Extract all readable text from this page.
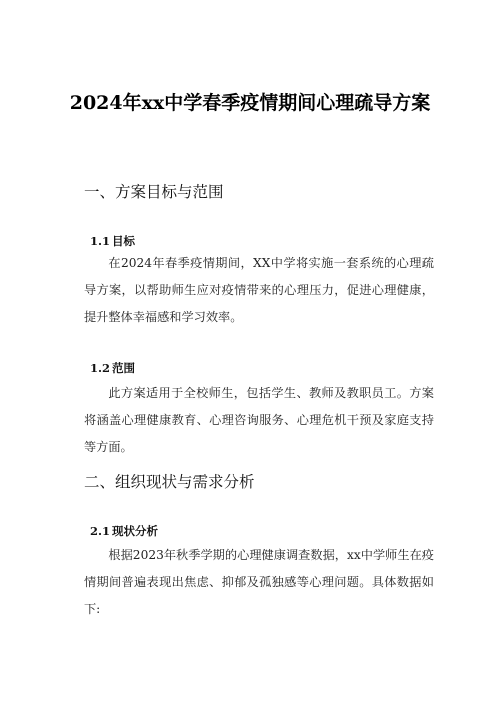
2024年xx中学春季疫情期间心理疏导方案
一、方案目标与范围
1.1 目标

在2024年春季疫情期间，XX中学将实施一套系统的心理疏导方案，以帮助师生应对疫情带来的心理压力，促进心理健康，提升整体幸福感和学习效率。

1.2 范围

此方案适用于全校师生，包括学生、教师及教职员工。方案将涵盖心理健康教育、心理咨询服务、心理危机干预及家庭支持等方面。

二、组织现状与需求分析
2.1 现状分析

根据2023年秋季学期的心理健康调查数据，xx中学师生在疫情期间普遍表现出焦虑、抑郁及孤独感等心理问题。具体数据如下:
